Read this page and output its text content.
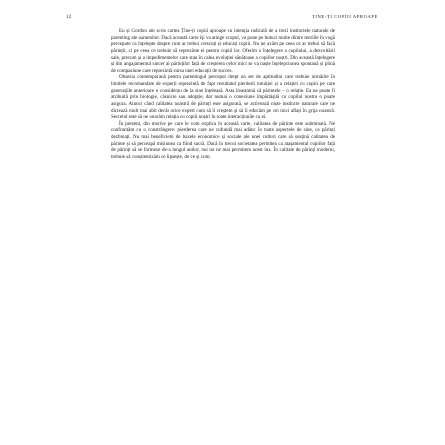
12	ȚINE-ȚI COPIII APROAPE

Eu și Gordon am scris cartea Ține-ți copiii aproape cu intenția radicală de a trezi instinctele naturale de parenting ale oamenilor. Dacă această carte își va atinge scopul, va pune pe butuci multe dintre teoriile în vogă percepute ca înțelepte despre cum ar trebui crescuți și educați copiii. Nu ne axăm pe ceea ce ar trebui să facă părinții, ci pe ceea ce trebuie să reprezinte ei pentru copiii lor. Oferim o înțelegere a copilului, a dezvoltării sale, precum și a impedimentelor care stau în calea evoluției sănătoase a copiilor noștri. Din această înțelegere și din angajamentul sincer al părinților față de creșterea celor mici se va naște înțelepciunea spontană și plină de compasiune care reprezintă sursa unei educații de succes.

Obsesia contemporană pentru parentingul perceput drept un set de aptitudini care trebuie urmărite în limitele recomandate de experți reprezintă de fapt rezultatul pierderii intuiției și a relației cu copiii pe care generațiile anterioare o considerau de la sine înțeleasă. Asta înseamnă că părintele – o relație. Ea ne poate fi atribuită prin biologie, căsnicie sau adopție, dar numai o conexiune împărtășită cu copilul nostru o poate asigura. Atunci când calitatea noastră de părinți este asigurată, se activează niște instincte naturale care ne dictează mult mai abil decât orice expert cum să îi creștem și să îi educăm pe cei mici aflați în grija noastră. Secretul este să ne onorăm relația cu copiii noștri în toate interacțiunile cu ei.

În prezent, din motive pe care le vom explica în această carte, calitatea de părinte este subminată. Ne confruntăm cu o constrângere: pierderea care ne cufundă mai adânc în toate aspectele de sine, ca părinți dezbinați. Nu mai beneficiem de bazele economice și sociale ale unei culturi care să susțină calitatea de părinte și să perceapă misiunea ca fiind sacră. Dacă în trecut societatea permitea ca atașamentul copiilor față de părinți să se formeze de-a lungul anilor, noi nu ne mai permitem acest lux. În calitate de părinți moderni, trebuie să conștientizăm ce lipsește, de ce și cum.
